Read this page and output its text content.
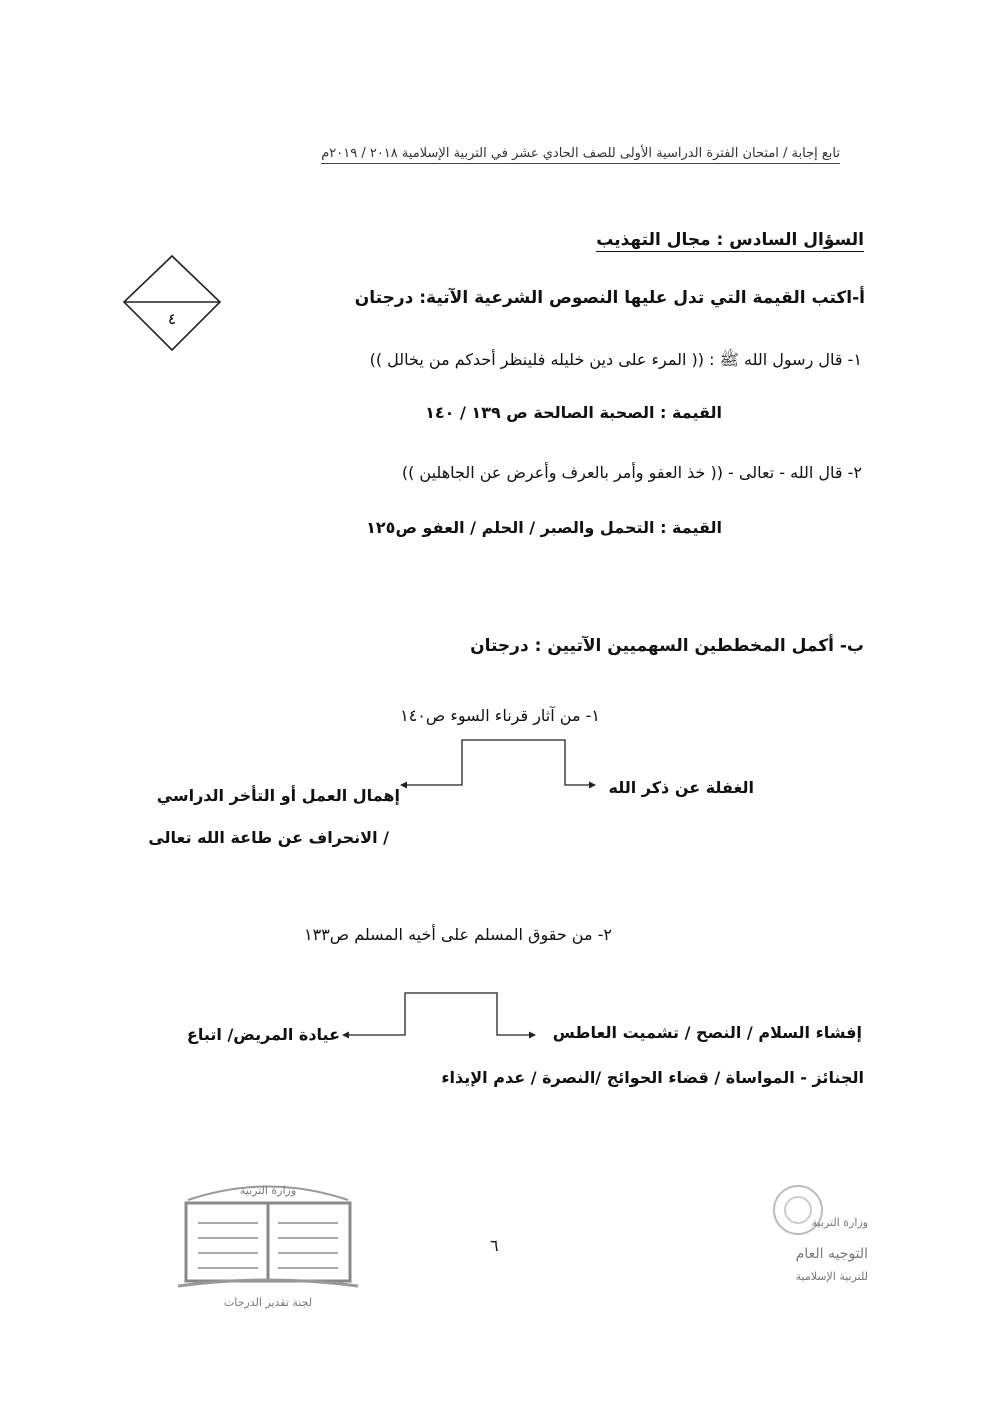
تابع إجابة / امتحان الفترة الدراسية الأولى للصف الحادي عشر في التربية الإسلامية ٢٠١٨ / ٢٠١٩م
السؤال السادس : مجال التهذيب
٤
أ-اكتب القيمة التي تدل عليها النصوص الشرعية الآتية: درجتان
١- قال رسول الله ﷺ : (( المرء على دين خليله فلينظر أحدكم من يخالل ))
القيمة : الصحبة الصالحة ص ١٣٩ / ١٤٠
٢- قال الله - تعالى - (( خذ العفو وأمر بالعرف وأعرض عن الجاهلين ))
القيمة : التحمل والصبر / الحلم / العفو ص١٢٥
ب- أكمل المخططين السهميين الآتيين : درجتان
١- من آثار قرناء السوء ص١٤٠
الغفلة عن ذكر الله
إهمال العمل أو التأخر الدراسي
/ الانحراف عن طاعة الله تعالى
٢- من حقوق المسلم على أخيه المسلم ص١٣٣
إفشاء السلام / النصح / تشميت العاطس
عيادة المريض/ اتباع
الجنائز - المواساة / قضاء الحوائج /النصرة / عدم الإيذاء
٦
وزارة التربية
لجنة تقدير الدرجات
وزارة التربية
التوجيه العام
للتربية الإسلامية
